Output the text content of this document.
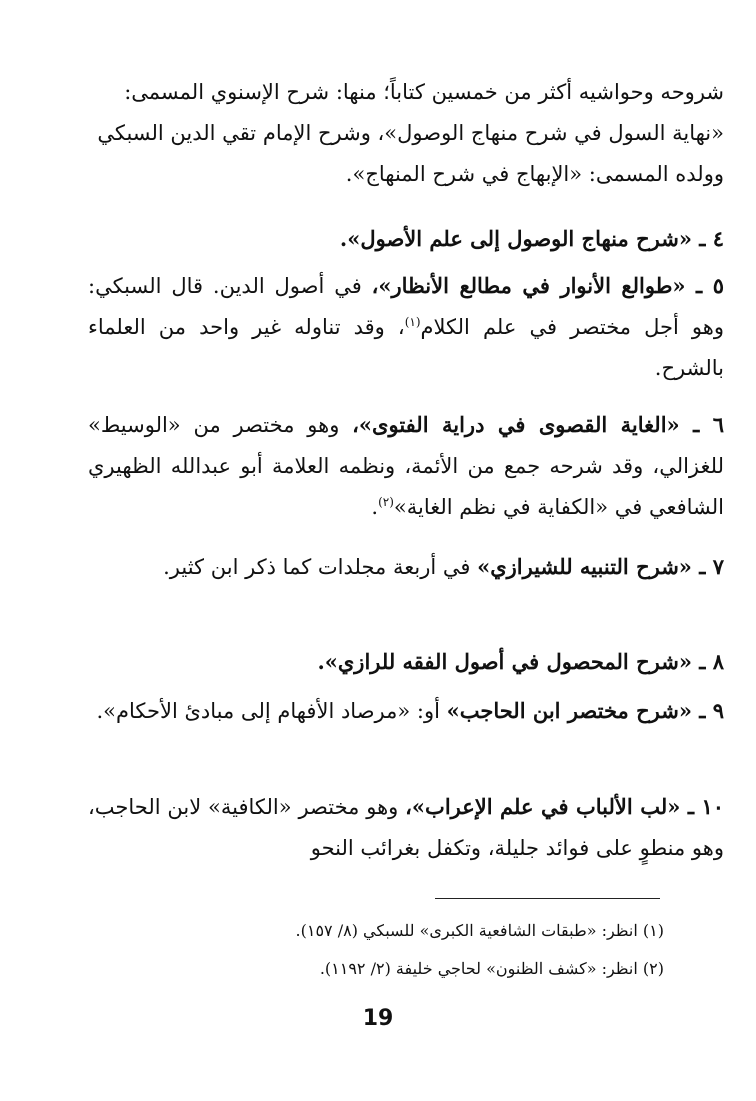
شروحه وحواشيه أكثر من خمسين كتاباً؛ منها: شرح الإسنوي المسمى:
«نهاية السول في شرح منهاج الوصول»، وشرح الإمام تقي الدين السبكي
وولده المسمى: «الإبهاج في شرح المنهاج».

٤ ـ «شرح منهاج الوصول إلى علم الأصول».

٥ ـ «طوالع الأنوار في مطالع الأنظار»، في أصول الدين. قال السبكي: وهو أجل مختصر في علم الكلام$^{(١)}$، وقد تناوله غير واحد من العلماء بالشرح.

٦ ـ «الغاية القصوى في دراية الفتوى»، وهو مختصر من «الوسيط» للغزالي، وقد شرحه جمع من الأئمة، ونظمه العلامة أبو عبدالله الظهيري الشافعي في «الكفاية في نظم الغاية»$^{(٢)}$.

٧ ـ «شرح التنبيه للشيرازي» في أربعة مجلدات كما ذكر ابن كثير.

٨ ـ «شرح المحصول في أصول الفقه للرازي».

٩ ـ «شرح مختصر ابن الحاجب» أو: «مرصاد الأفهام إلى مبادئ الأحكام».

١٠ ـ «لب الألباب في علم الإعراب»، وهو مختصر «الكافية» لابن الحاجب، وهو منطوٍ على فوائد جليلة، وتكفل بغرائب النحو

(١) انظر: «طبقات الشافعية الكبرى» للسبكي (٨/ ١٥٧).

(٢) انظر: «كشف الظنون» لحاجي خليفة (٢/ ١١٩٢).

19
